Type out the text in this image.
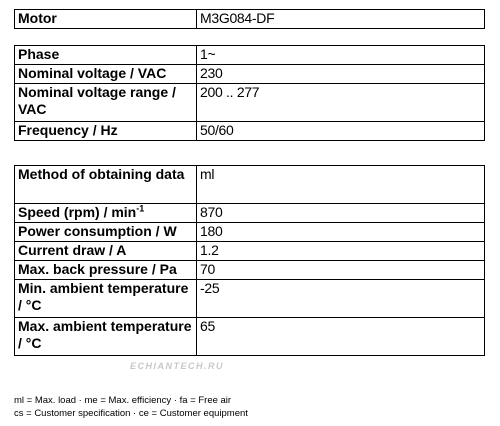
Motor	M3G084-DF
Phase	1~
Nominal voltage / VAC	230
Nominal voltage range / VAC	200 .. 277
Frequency / Hz	50/60
Method of obtaining data	ml
Speed $(rpm) / \min^{-1}$	870
Power consumption / W	180
Current draw / A	1.2
Max. back pressure / Pa	70
Min. ambient temperature / °C	-25
Max. ambient temperature / °C	65
ECHIANTECH.RU
ml = Max. load · me = Max. efficiency · fa = Free air
cs = Customer specification · ce = Customer equipment
